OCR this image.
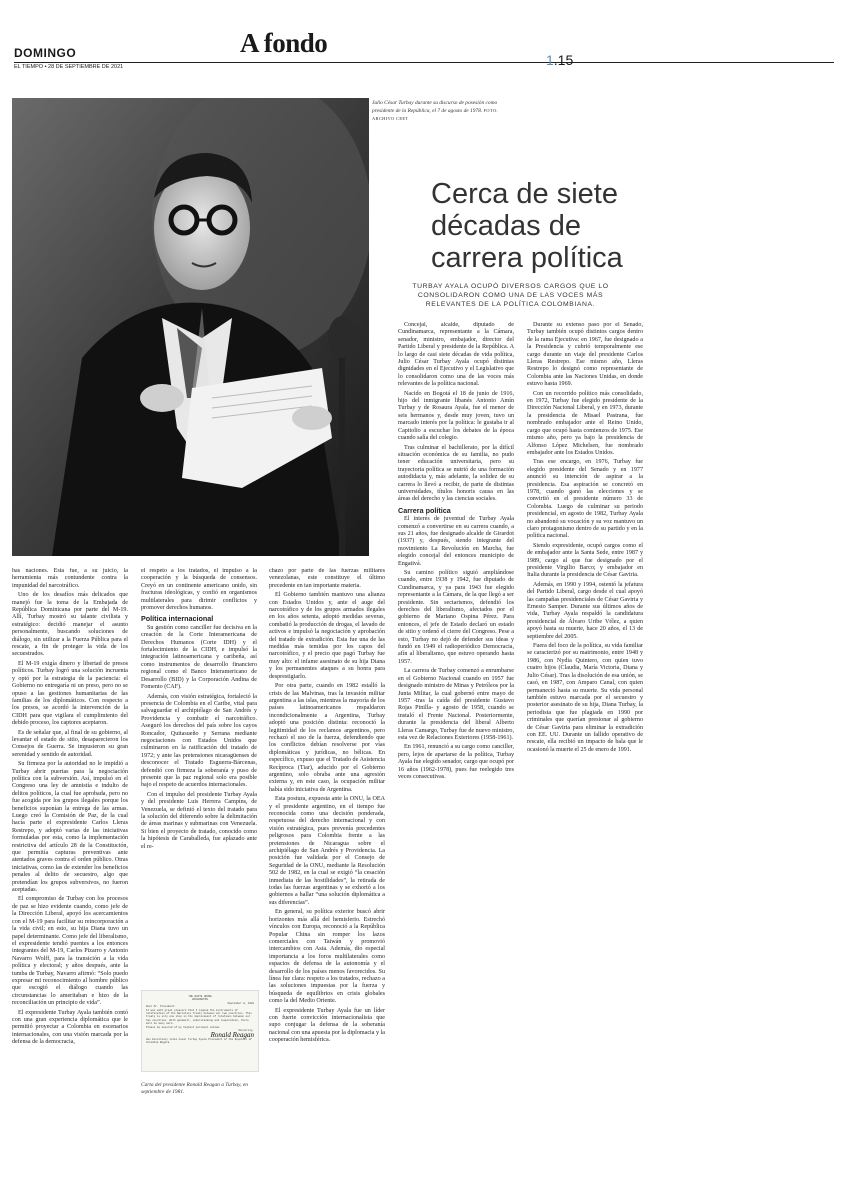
DOMINGO
EL TIEMPO • 28 DE SEPTIEMBRE DE 2021
A fondo
1.15
Julio César Turbay durante su discurso de posesión como presidente de la República, el 7 de agosto de 1978. FOTO: ARCHIVO CEET
Cerca de siete décadas de carrera política
TURBAY AYALA OCUPÓ DIVERSOS CARGOS QUE LO CONSOLIDARON COMO UNA DE LAS VOCES MÁS RELEVANTES DE LA POLÍTICA COLOMBIANA.

bas naciones. Esta fue, a su juicio, la herramienta más contundente contra la impunidad del narcotráfico.

Uno de los desafíos más delicados que manejó fue la toma de la Embajada de República Dominicana por parte del M-19. Allí, Turbay mostró su talante civilista y estratégico: decidió manejar el asunto personalmente, buscando soluciones de diálogo, sin utilizar a la Fuerza Pública para el rescate, a fin de proteger la vida de los secuestrados.

El M-19 exigía dinero y libertad de presos políticos. Turbay logró una solución incruenta y optó por la estrategia de la paciencia: el Gobierno no entregaría ni un preso, pero no se opuso a las gestiones humanitarias de las familias de los diplomáticos. Con respecto a los presos, se acordó la intervención de la CIDH para que vigilara el cumplimiento del debido proceso, los captores aceptaron.

Es de señalar que, al final de su gobierno, al levantar el estado de sitio, desaparecieron los Consejos de Guerra. Se impusieron su gran serenidad y sentido de autoridad.

Su firmeza por la autoridad no le impidió a Turbay abrir puertas para la negociación política con la subversión. Así, impulsó en el Congreso una ley de amnistía e indulto de delitos políticos, la cual fue aprobada, pero no fue acogida por los grupos ilegales porque los beneficios suponían la entrega de las armas. Luego creó la Comisión de Paz, de la cual hacía parte el expresidente Carlos Lleras Restrepo, y adoptó varias de las iniciativas formuladas por esta, como la implementación restrictiva del artículo 28 de la Constitución, que permitía capturas preventivas ante atentados graves contra el orden público. Otras iniciativas, como las de extender los beneficios penales al delito de secuestro, algo que pretendían los grupos subversivos, no fueron aceptadas.

El compromiso de Turbay con los procesos de paz se hizo evidente cuando, como jefe de la Dirección Liberal, apoyó los acercamientos con el M-19 para facilitar su reincorporación a la vida civil; en esto, su hija Diana tuvo un papel determinante. Como jefe del liberalismo, el expresidente tendió puentes a los entonces integrantes del M-19, Carlos Pizarro y Antonio Navarro Wolff, para la transición a la vida política y electoral; y años después, ante la tumba de Turbay, Navarro afirmó: “Solo puedo expresar mi reconocimiento al hombre público que escogió el diálogo cuando las circunstancias lo ameritaban e hizo de la reconciliación un principio de vida”.

El expresidente Turbay Ayala también contó con una gran experiencia diplomática que le permitió proyectar a Colombia en escenarios internacionales, con una visión marcada por la defensa de la democracia,

el respeto a los tratados, el impulso a la cooperación y la búsqueda de consensos. Creyó en un continente americano unido, sin fracturas ideológicas, y confió en organismos multilaterales para dirimir conflictos y promover derechos humanos.

Política internacional

Su gestión como canciller fue decisiva en la creación de la Corte Interamericana de Derechos Humanos (Corte IDH) y el fortalecimiento de la CIDH, e impulsó la integración latinoamericana y caribeña, así como instrumentos de desarrollo financiero regional como el Banco Interamericano de Desarrollo (BID) y la Corporación Andina de Fomento (CAF).

Además, con visión estratégica, fortaleció la presencia de Colombia en el Caribe, vital para salvaguardar el archipiélago de San Andrés y Providencia y combatir el narcotráfico. Aseguró los derechos del país sobre los cayos Roncador, Quitasueño y Serrana mediante negociaciones con Estados Unidos que culminaron en la ratificación del tratado de 1972; y ante las pretensiones nicaragüenses de desconocer el Tratado Esguerra-Bárcenas, defendió con firmeza la soberanía y puso de presente que la paz regional solo era posible bajo el respeto de acuerdos internacionales.

Con el impulso del presidente Turbay Ayala y del presidente Luis Herrera Campíns, de Venezuela, se definió el texto del tratado para la solución del diferendo sobre la delimitación de áreas marinas y submarinas con Venezuela. Si bien el proyecto de tratado, conocido como la hipótesis de Caraballeda, fue aplazado ante el re-

THE WHITE HOUSE
WASHINGTON
September 8, 1981
Dear Mr. President:
It was with great pleasure that I signed the instruments of ratification of the Narcotics Treaty between our two countries. This treaty is only one step in the improvement of relations between our two countries. With goodwill, understanding and cooperation, there will be many more.
Please be assured of my highest personal esteem.
Sincerely,
Ronald Reagan
His Excellency Julio Cesar Turbay Ayala President of the Republic of Colombia Bogota
Carta del presidente Ronald Reagan a Turbay, en septiembre de 1981.

chazo por parte de las fuerzas militares venezolanas, este constituye el último precedente en tan importante materia.

El Gobierno también mantuvo una alianza con Estados Unidos y, ante el auge del narcotráfico y de los grupos armados ilegales en los años setenta, adoptó medidas severas, combatió la producción de drogas, el lavado de activos e impulsó la negociación y aprobación del tratado de extradición. Esta fue una de las medidas más temidas por los capos del narcotráfico, y el precio que pagó Turbay fue muy alto: el infame asesinato de su hija Diana y los permanentes ataques a su honra para desprestigiarlo.

Por otra parte, cuando en 1982 estalló la crisis de las Malvinas, tras la invasión militar argentina a las islas, mientras la mayoría de los países latinoamericanos respaldaron incondicionalmente a Argentina, Turbay adoptó una posición distinta: reconoció la legitimidad de los reclamos argentinos, pero rechazó el uso de la fuerza, defendiendo que los conflictos debían resolverse por vías diplomáticas y jurídicas, no bélicas. En específico, expuso que el Tratado de Asistencia Recíproca (Tiar), aducido por el Gobierno argentino, solo obraba ante una agresión externa y, en este caso, la ocupación militar había sido iniciativa de Argentina.

Esta postura, expuesta ante la ONU, la OEA y el presidente argentino, en el tiempo fue reconocida como una decisión ponderada, respetuosa del derecho internacional y con visión estratégica, pues prevenía precedentes peligrosos para Colombia frente a las pretensiones de Nicaragua sobre el archipiélago de San Andrés y Providencia. La posición fue validada por el Consejo de Seguridad de la ONU, mediante la Resolución 502 de 1982, en la cual se exigió “la cesación inmediata de las hostilidades”, la retirada de todas las fuerzas argentinas y se exhortó a los gobiernos a hallar “una solución diplomática a sus diferencias”.

En general, su política exterior buscó abrir horizontes más allá del hemisferio. Estrechó vínculos con Europa, reconoció a la República Popular China sin romper los lazos comerciales con Taiwán y promovió intercambios con Asia. Además, dio especial importancia a los foros multilaterales como espacios de defensa de la autonomía y el desarrollo de los países menos favorecidos. Su línea fue clara: respeto a los tratados, rechazo a las soluciones impuestas por la fuerza y búsqueda de equilibrios en crisis globales como la del Medio Oriente.

El expresidente Turbay Ayala fue un líder con fuerte convicción internacionalista que supo conjugar la defensa de la soberanía nacional con una apuesta por la diplomacia y la cooperación hemisférica.

Concejal, alcalde, diputado de Cundinamarca, representante a la Cámara, senador, ministro, embajador, director del Partido Liberal y presidente de la República. A lo largo de casi siete décadas de vida política, Julio César Turbay Ayala ocupó distintas dignidades en el Ejecutivo y el Legislativo que lo consolidaron como una de las voces más relevantes de la política nacional.

Nacido en Bogotá el 18 de junio de 1916, hijo del inmigrante libanés Antonio Amín Turbay y de Rosaura Ayala, fue el menor de seis hermanos y, desde muy joven, tuvo un marcado interés por la política: le gustaba ir al Capitolio a escuchar los debates de la época cuando salía del colegio.

Tras culminar el bachillerato, por la difícil situación económica de su familia, no pudo tener educación universitaria, pero su trayectoria política se nutrió de una formación autodidacta y, más adelante, la solidez de su carrera lo llevó a recibir, de parte de distintas universidades, títulos honoris causa en las áreas del derecho y las ciencias sociales.

Carrera política

El interés de juventud de Turbay Ayala comenzó a convertirse en su carrera cuando, a sus 21 años, fue designado alcalde de Girardot (1937) y, después, siendo integrante del movimiento La Revolución en Marcha, fue elegido concejal del entonces municipio de Engativá.

Su camino político siguió ampliándose cuando, entre 1938 y 1942, fue diputado de Cundinamarca, y ya para 1943 fue elegido representante a la Cámara, de la que llegó a ser presidente. Sin sectarismos, defendió los derechos del liberalismo, afectados por el gobierno de Mariano Ospina Pérez. Para entonces, el jefe de Estado declaró un estado de sitio y ordenó el cierre del Congreso. Pese a esto, Turbay no dejó de defender sus ideas y fundó en 1949 el radioperiódico Democracia, afín al liberalismo, que estuvo operando hasta 1957.

La carrera de Turbay comenzó a enrumbarse en el Gobierno Nacional cuando en 1957 fue designado ministro de Minas y Petróleos por la Junta Militar, la cual gobernó entre mayo de 1957 -tras la caída del presidente Gustavo Rojas Pinilla- y agosto de 1958, cuando se instaló el Frente Nacional. Posteriormente, durante la presidencia del liberal Alberto Lleras Camargo, Turbay fue de nuevo ministro, esta vez de Relaciones Exteriores (1958-1961).

En 1961, renunció a su cargo como canciller, pero, lejos de apartarse de la política, Turbay Ayala fue elegido senador, cargo que ocupó por 16 años (1962-1978), pues fue reelegido tres veces consecutivas.

Durante su extenso paso por el Senado, Turbay también ocupó distintos cargos dentro de la rama Ejecutiva: en 1967, fue designado a la Presidencia y cubrió temporalmente ese cargo durante un viaje del presidente Carlos Lleras Restrepo. Ese mismo año, Lleras Restrepo lo designó como representante de Colombia ante las Naciones Unidas, en donde estuvo hasta 1969.

Con un recorrido político más consolidado, en 1972, Turbay fue elegido presidente de la Dirección Nacional Liberal, y en 1973, durante la presidencia de Misael Pastrana, fue nombrado embajador ante el Reino Unido, cargo que ocupó hasta comienzos de 1975. Ese mismo año, pero ya bajo la presidencia de Alfonso López Michelsen, fue nombrado embajador ante los Estados Unidos.

Tras ese encargo, en 1976, Turbay fue elegido presidente del Senado y en 1977 anunció su intención de aspirar a la presidencia. Esa aspiración se concretó en 1978, cuando ganó las elecciones y se convirtió en el presidente número 33 de Colombia. Luego de culminar su periodo presidencial, en agosto de 1982, Turbay Ayala no abandonó su vocación y su voz mantuvo un claro protagonismo dentro de su partido y en la política nacional.

Siendo expresidente, ocupó cargos como el de embajador ante la Santa Sede, entre 1987 y 1989, cargo al que fue designado por el presidente Virgilio Barco; y embajador en Italia durante la presidencia de César Gaviria.

Además, en 1990 y 1994, ostentó la jefatura del Partido Liberal, cargo desde el cual apoyó las campañas presidenciales de César Gaviria y Ernesto Samper. Durante sus últimos años de vida, Turbay Ayala respaldó la candidatura presidencial de Álvaro Uribe Vélez, a quien apoyó hasta su muerte, hace 20 años, el 13 de septiembre del 2005.

Fuera del foco de la política, su vida familiar se caracterizó por su matrimonio, entre 1948 y 1986, con Nydia Quintero, con quien tuvo cuatro hijos (Claudia, María Victoria, Diana y Julio César). Tras la disolución de esa unión, se casó, en 1987, con Amparo Canal, con quien permaneció hasta su muerte. Su vida personal también estuvo marcada por el secuestro y posterior asesinato de su hija, Diana Turbay, la periodista que fue plagiada en 1990 por criminales que querían presionar al gobierno de César Gaviria para eliminar la extradición con EE. UU. Durante un fallido operativo de rescate, ella recibió un impacto de bala que le ocasionó la muerte el 25 de enero de 1991.
